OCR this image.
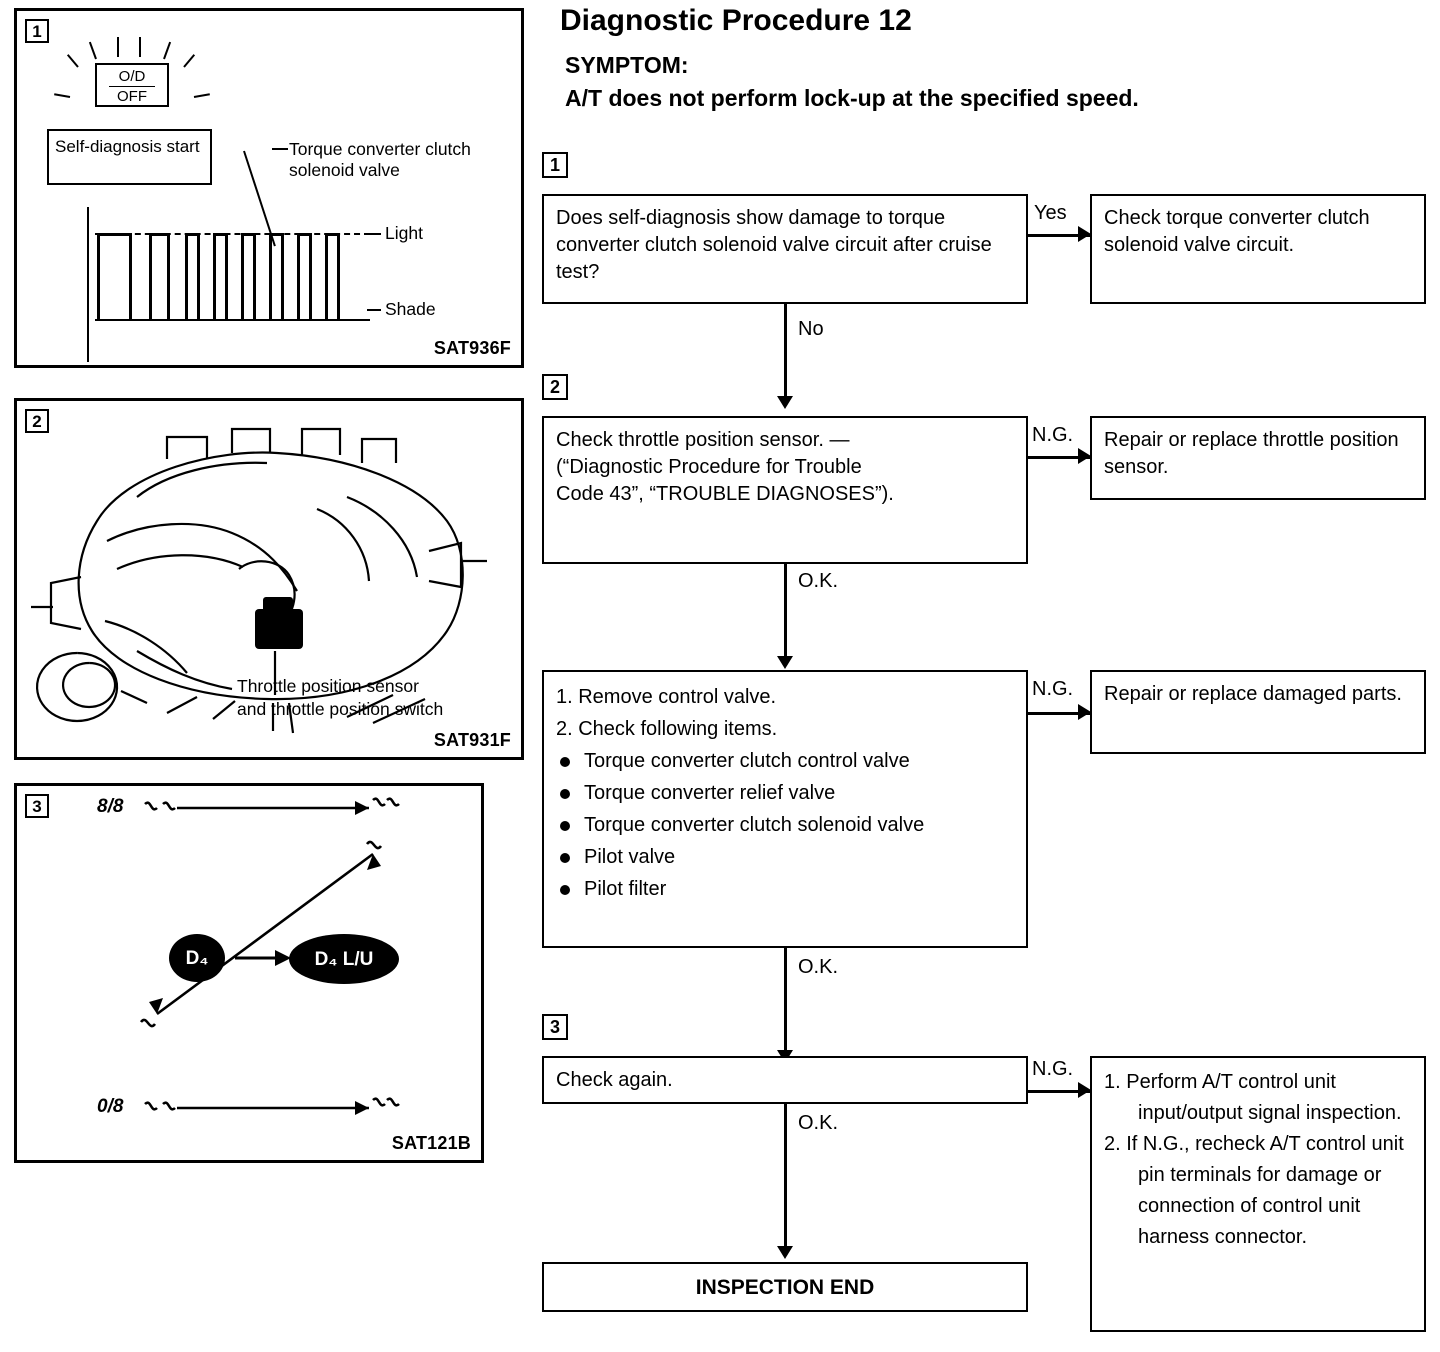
1
O/D
OFF
Self-diagnosis start	Torque converter clutch solenoid valve
Light
Shade
SAT936F
2
Throttle position sensor
and throttle position switch
SAT931F
3	8/8
0/8
D₄	D₄ L/U
SAT121B
Diagnostic Procedure 12
SYMPTOM:
A/T does not perform lock-up at the specified speed.
1
Does self-diagnosis show damage to torque converter clutch solenoid valve circuit after cruise test?
Yes	Check torque converter clutch solenoid valve circuit.
No
2
Check throttle position sensor. —
(“Diagnostic Procedure for Trouble
Code 43”, “TROUBLE DIAGNOSES”).
N.G.	Repair or replace throttle position sensor.
O.K.
1. Remove control valve.
2. Check following items.
Torque converter clutch control valve
Torque converter relief valve
Torque converter clutch solenoid valve
Pilot valve
Pilot filter
N.G.	Repair or replace damaged parts.
O.K.
3
Check again.	N.G.
1. Perform A/T control unit input/output signal inspection.
2. If N.G., recheck A/T control unit pin terminals for damage or connection of control unit harness connector.
O.K.
INSPECTION END
